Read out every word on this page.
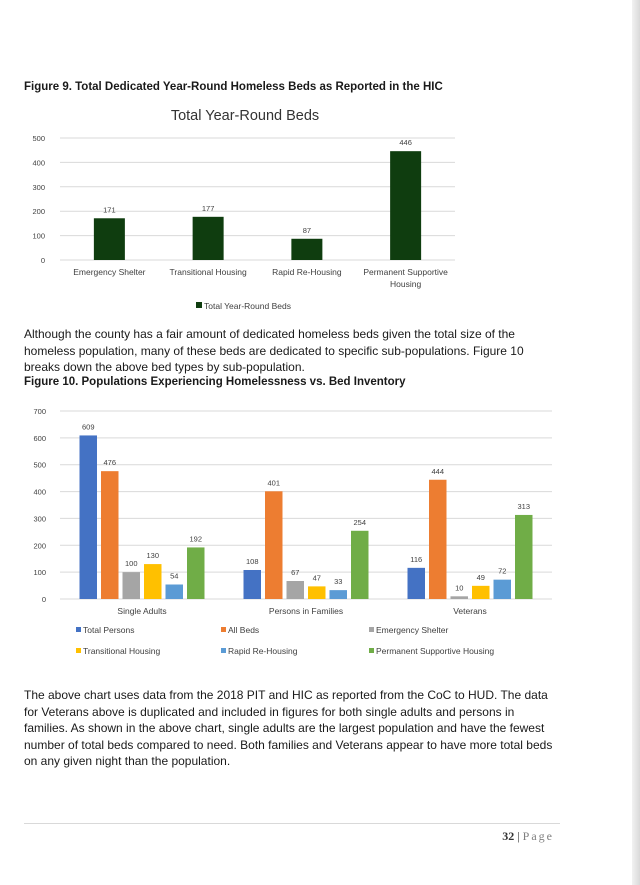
Figure 9. Total Dedicated Year-Round Homeless Beds as Reported in the HIC
Total Year-Round Beds
0
100
200
300
400
500
171
Emergency Shelter
177
Transitional Housing
87
Rapid Re-Housing
446
Permanent Supportive
Housing
Total Year-Round Beds

Although the county has a fair amount of dedicated homeless beds given the total size of the homeless population, many of these beds are dedicated to specific sub-populations. Figure 10 breaks down the above bed types by sub-population.

Figure 10. Populations Experiencing Homelessness vs. Bed Inventory
0
100
200
300
400
500
600
700
609
476
100
130
54
192
Single Adults
108
401
67
47 33
254
Persons in Families
116
444
10
49
72
313
Veterans
Total Persons	All Beds	Emergency Shelter
Transitional Housing	Rapid Re-Housing	Permanent Supportive Housing

The above chart uses data from the 2018 PIT and HIC as reported from the CoC to HUD. The data for Veterans above is duplicated and included in figures for both single adults and persons in families. As shown in the above chart, single adults are the largest population and have the fewest number of total beds compared to need. Both families and Veterans appear to have more total beds on any given night than the population.

32 | Page
